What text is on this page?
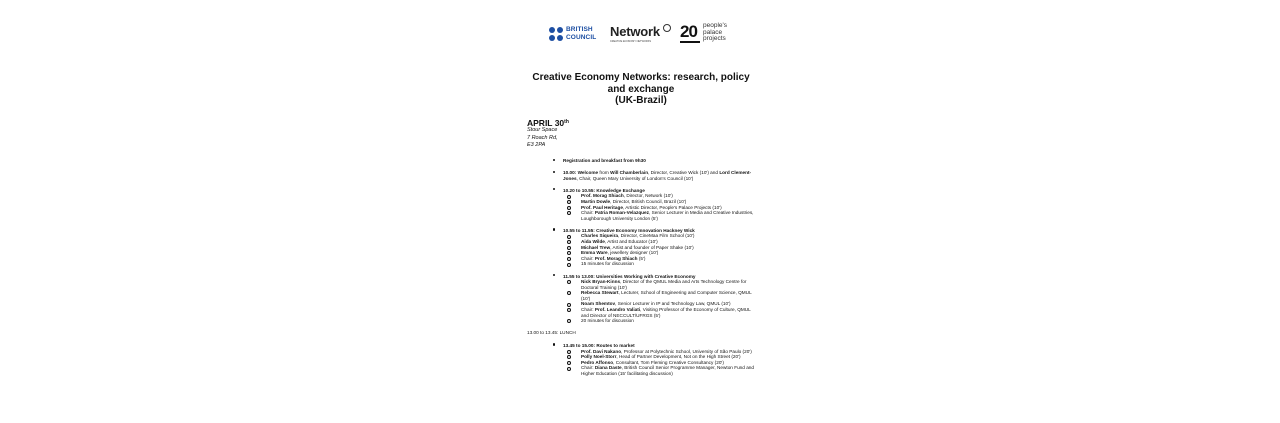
BRITISH
COUNCIL Network
CREATIVE ECONOMY NETWORKS
20 people's
palace
projects
Creative Economy Networks: research, policy
and exchange
(UK-Brazil)
APRIL 30th
Stour Space
7 Roach Rd,
E3 2PA
Registration and breakfast from 9h30
10.00: Welcome from Will Chamberlain, Director, Creative Wick (10') and Lord Clement-Jones, Chair, Queen Mary University of London's Council (10')
10.20 to 10.55: Knowledge Exchange
Prof. Morag Shiach, Director, Network (10')
Martin Dowle, Director, British Council, Brazil (10')
Prof. Paul Heritage, Artistic Director, People's Palace Projects (10')
Chair: Patria Roman-Velazquez, Senior Lecturer in Media and Creative Industries, Loughborough University London (5')
10.55 to 11.55: Creative Economy Innovation Hackney Wick
Charles Siqueira, Director, CineMaa Film School (10')
Aida Wilde, Artist and Educator (10')
Michael Trew, Artist and founder of Paper Shake (10')
Emma Ware, jewellery designer (10')
Chair: Prof. Morag Shiach (5')
15 minutes for discussion
11.55 to 13.00: Universities Working with Creative Economy
Nick Bryan-Kinns, Director of the QMUL Media and Arts Technology Centre for Doctoral Training (10')
Rebecca Stewart, Lecturer, School of Engineering and Computer Science, QMUL (10')
Noam Shemtov, Senior Lecturer in IP and Technology Law, QMUL (10')
Chair: Prof. Leandro Valiati, Visiting Professor of the Economy of Culture, QMUL and Director of NECCULT/UFRGS (5')
20 minutes for discussion
13.00 to 13.45: LUNCH
13.45 to 15.00: Routes to market
Prof. Davi Nakano, Professor at Polytechnic School, University of São Paulo (20')
Polly Noel-Storr, Head of Partner Development, Not on the High Street (20')
Pedro Affonso, Consultant, Tom Fleming Creative Consultancy (20')
Chair: Diana Daste, British Council Senior Programme Manager, Newton Fund and Higher Education (15' facilitating discussion)
